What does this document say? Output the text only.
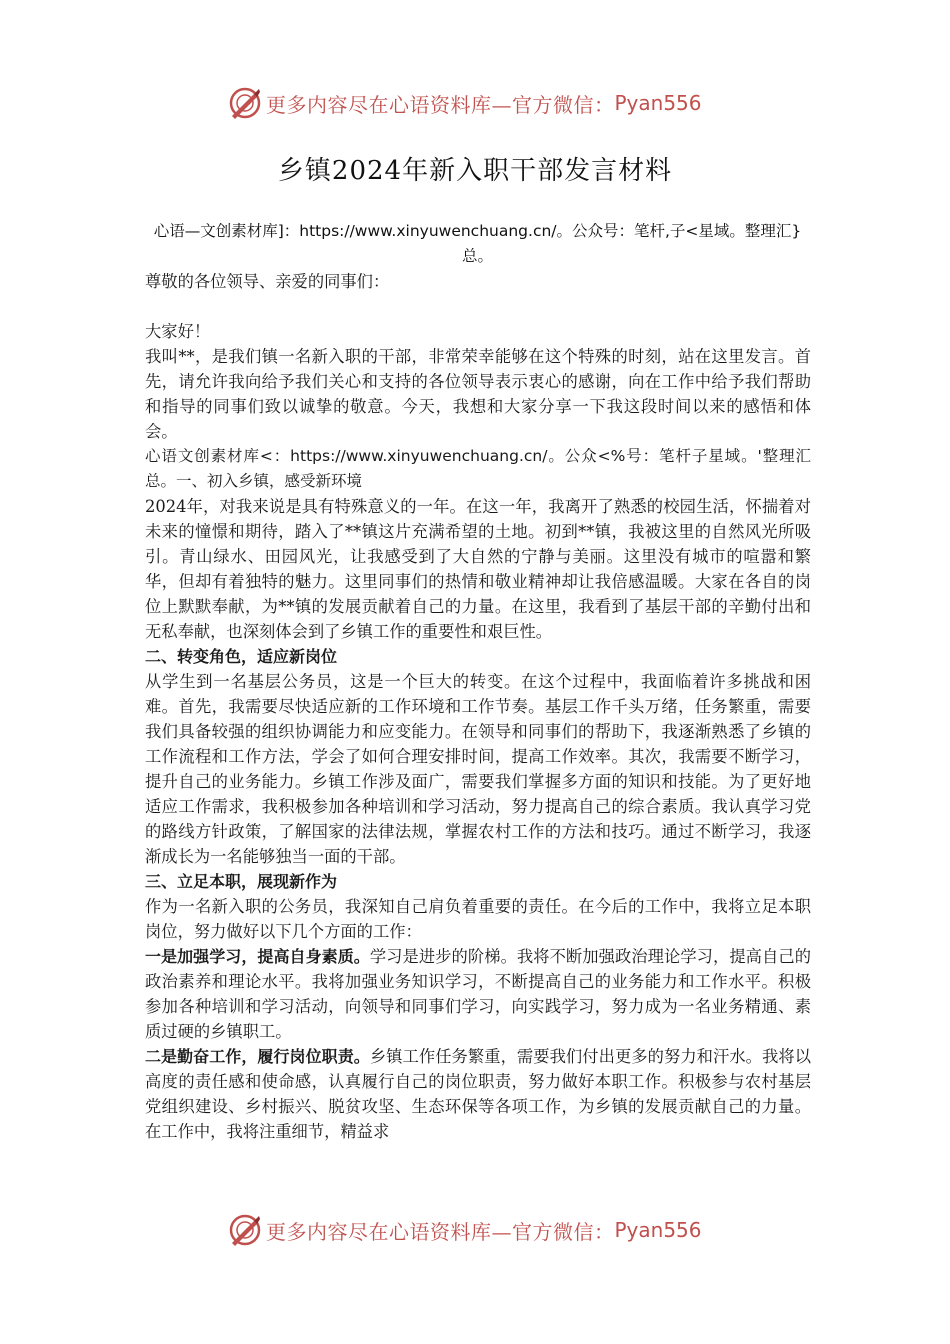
更多内容尽在心语资料库—官方微信： Pyan556
乡镇2024年新入职干部发言材料
心语—文创素材库]：https://www.xinyuwenchuang.cn/。公众号：笔杆,子<星域。整理汇}总。

尊敬的各位领导、亲爱的同事们：

大家好！

我叫**，是我们镇一名新入职的干部，非常荣幸能够在这个特殊的时刻，站在这里发言。首先，请允许我向给予我们关心和支持的各位领导表示衷心的感谢，向在工作中给予我们帮助和指导的同事们致以诚挚的敬意。今天，我想和大家分享一下我这段时间以来的感悟和体会。

心语文创素材库<：https://www.xinyuwenchuang.cn/。公众<%号：笔杆子星域。'整理汇总。一、初入乡镇，感受新环境

2024年，对我来说是具有特殊意义的一年。在这一年，我离开了熟悉的校园生活，怀揣着对未来的憧憬和期待，踏入了**镇这片充满希望的土地。初到**镇，我被这里的自然风光所吸引。青山绿水、田园风光，让我感受到了大自然的宁静与美丽。这里没有城市的喧嚣和繁华，但却有着独特的魅力。这里同事们的热情和敬业精神却让我倍感温暖。大家在各自的岗位上默默奉献，为**镇的发展贡献着自己的力量。在这里，我看到了基层干部的辛勤付出和无私奉献，也深刻体会到了乡镇工作的重要性和艰巨性。

二、转变角色，适应新岗位

从学生到一名基层公务员，这是一个巨大的转变。在这个过程中，我面临着许多挑战和困难。首先，我需要尽快适应新的工作环境和工作节奏。基层工作千头万绪，任务繁重，需要我们具备较强的组织协调能力和应变能力。在领导和同事们的帮助下，我逐渐熟悉了乡镇的工作流程和工作方法，学会了如何合理安排时间，提高工作效率。其次，我需要不断学习，提升自己的业务能力。乡镇工作涉及面广，需要我们掌握多方面的知识和技能。为了更好地适应工作需求，我积极参加各种培训和学习活动，努力提高自己的综合素质。我认真学习党的路线方针政策，了解国家的法律法规，掌握农村工作的方法和技巧。通过不断学习，我逐渐成长为一名能够独当一面的干部。

三、立足本职，展现新作为

作为一名新入职的公务员，我深知自己肩负着重要的责任。在今后的工作中，我将立足本职岗位，努力做好以下几个方面的工作：

一是加强学习，提高自身素质。学习是进步的阶梯。我将不断加强政治理论学习，提高自己的政治素养和理论水平。我将加强业务知识学习，不断提高自己的业务能力和工作水平。积极参加各种培训和学习活动，向领导和同事们学习，向实践学习，努力成为一名业务精通、素质过硬的乡镇职工。

二是勤奋工作，履行岗位职责。乡镇工作任务繁重，需要我们付出更多的努力和汗水。我将以高度的责任感和使命感，认真履行自己的岗位职责，努力做好本职工作。积极参与农村基层党组织建设、乡村振兴、脱贫攻坚、生态环保等各项工作，为乡镇的发展贡献自己的力量。在工作中，我将注重细节，精益求

更多内容尽在心语资料库—官方微信： Pyan556
